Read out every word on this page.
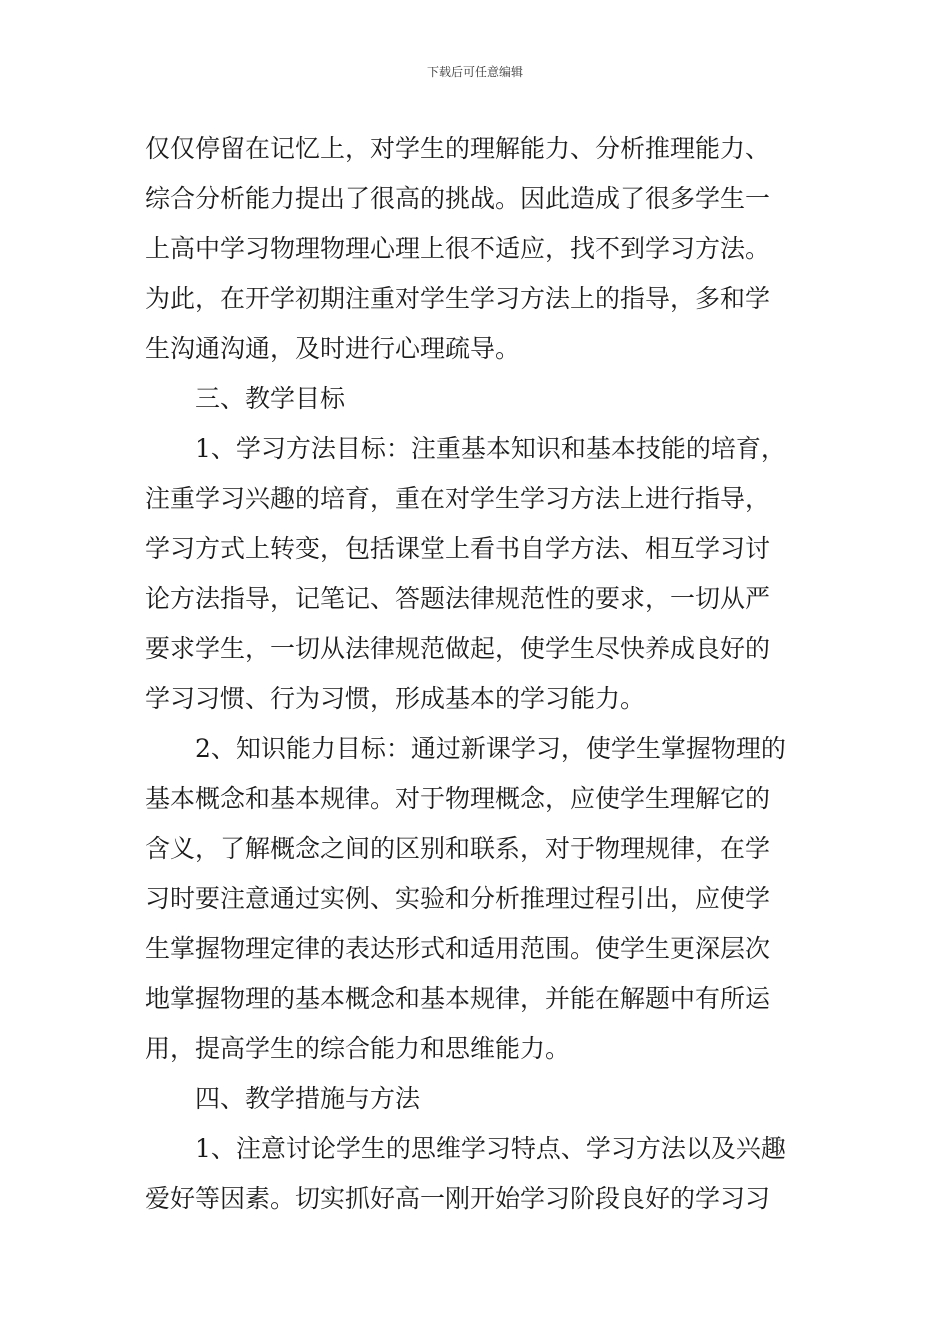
下载后可任意编辑
仅仅停留在记忆上，对学生的理解能力、分析推理能力、
综合分析能力提出了很高的挑战。因此造成了很多学生一
上高中学习物理物理心理上很不适应，找不到学习方法。
为此，在开学初期注重对学生学习方法上的指导，多和学
生沟通沟通，及时进行心理疏导。
三、教学目标
1、学习方法目标：注重基本知识和基本技能的培育，
注重学习兴趣的培育，重在对学生学习方法上进行指导，
学习方式上转变，包括课堂上看书自学方法、相互学习讨
论方法指导，记笔记、答题法律规范性的要求，一切从严
要求学生，一切从法律规范做起，使学生尽快养成良好的
学习习惯、行为习惯，形成基本的学习能力。
2、知识能力目标：通过新课学习，使学生掌握物理的
基本概念和基本规律。对于物理概念，应使学生理解它的
含义，了解概念之间的区别和联系，对于物理规律，在学
习时要注意通过实例、实验和分析推理过程引出，应使学
生掌握物理定律的表达形式和适用范围。使学生更深层次
地掌握物理的基本概念和基本规律，并能在解题中有所运
用，提高学生的综合能力和思维能力。
四、教学措施与方法
1、注意讨论学生的思维学习特点、学习方法以及兴趣
爱好等因素。切实抓好高一刚开始学习阶段良好的学习习
